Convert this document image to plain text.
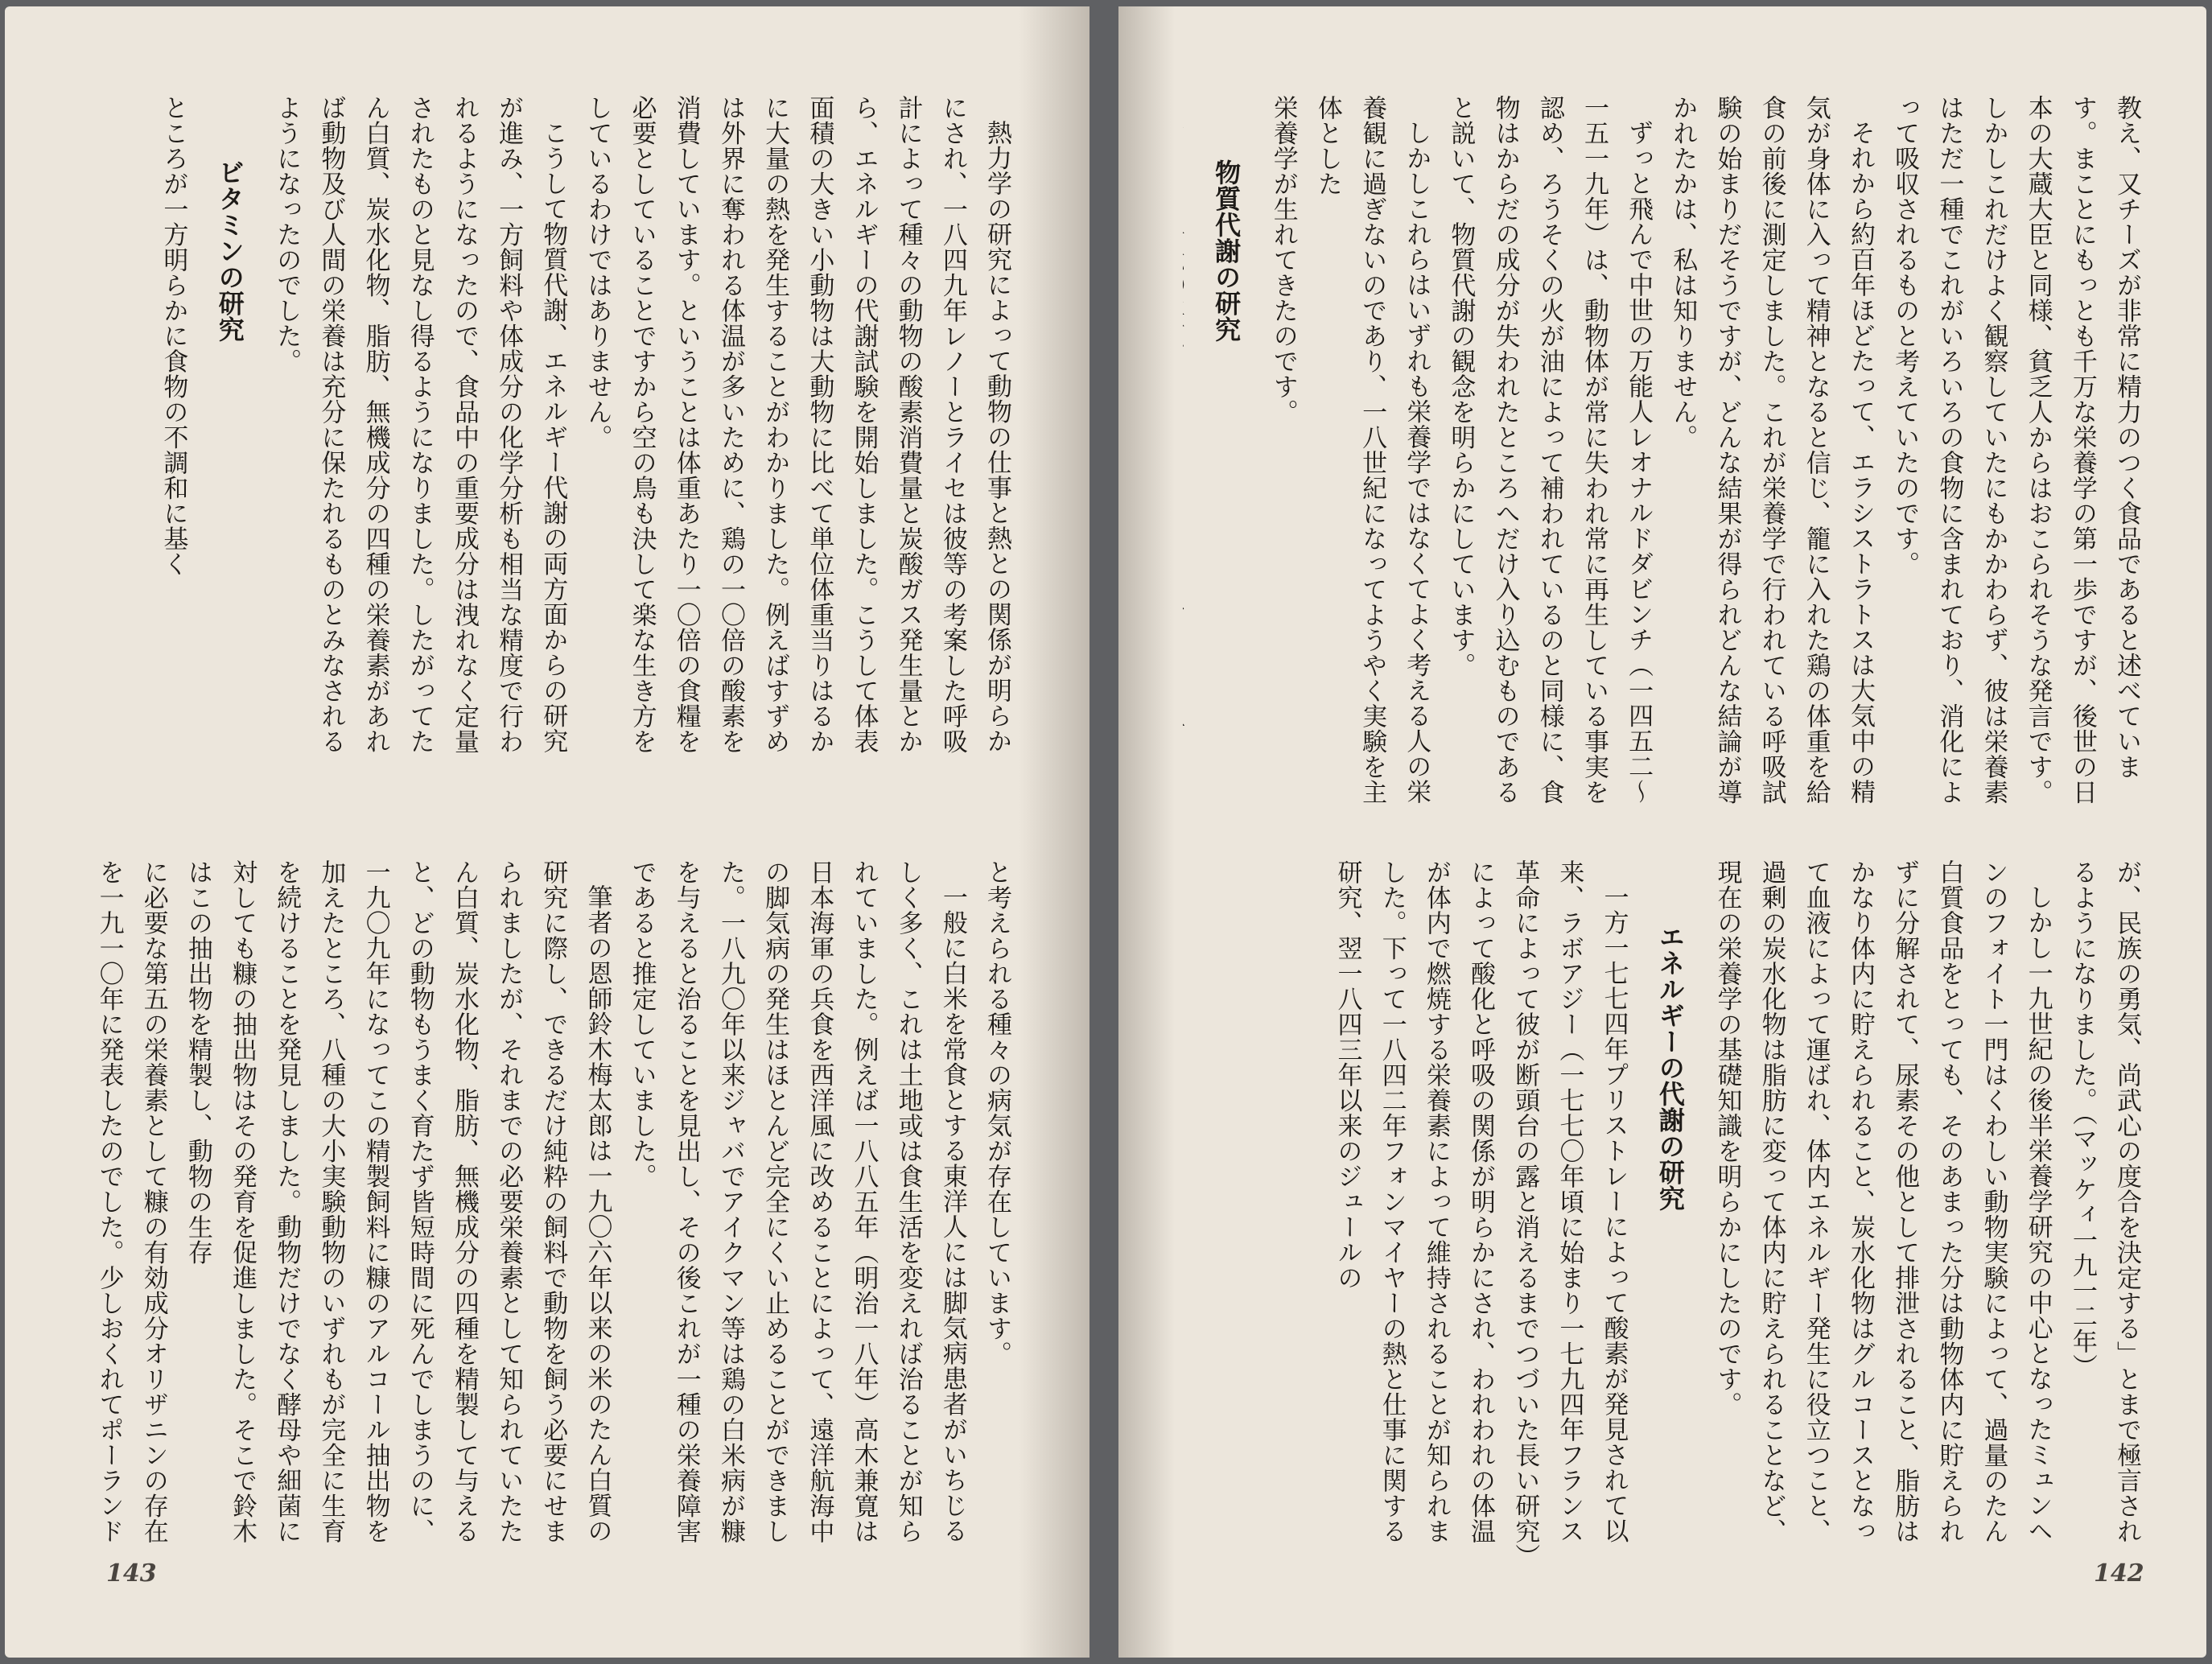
熱力学の研究によって動物の仕事と熱との関係が明らかにされ、一八四九年レノーとライセは彼等の考案した呼吸計によって種々の動物の酸素消費量と炭酸ガス発生量とから、エネルギーの代謝試験を開始しました。こうして体表面積の大きい小動物は大動物に比べて単位体重当りはるかに大量の熱を発生することがわかりました。例えばすずめは外界に奪われる体温が多いために、鶏の一〇倍の酸素を消費しています。ということは体重あたり一〇倍の食糧を必要としていることですから空の鳥も決して楽な生き方をしているわけではありません。
こうして物質代謝、エネルギー代謝の両方面からの研究が進み、一方飼料や体成分の化学分析も相当な精度で行われるようになったので、食品中の重要成分は洩れなく定量されたものと見なし得るようになりました。したがってたん白質、炭水化物、脂肪、無機成分の四種の栄養素があれば動物及び人間の栄養は充分に保たれるものとみなされるようになったのでした。
ビタミンの研究
ところが一方明らかに食物の不調和に基く
と考えられる種々の病気が存在しています。
一般に白米を常食とする東洋人には脚気病患者がいちじるしく多く、これは土地或は食生活を変えれば治ることが知られていました。例えば一八八五年（明治一八年）高木兼寛は日本海軍の兵食を西洋風に改めることによって、遠洋航海中の脚気病の発生はほとんど完全にくい止めることができました。一八九〇年以来ジャバでアイクマン等は鶏の白米病が糠を与えると治ることを見出し、その後これが一種の栄養障害であると推定していました。
筆者の恩師鈴木梅太郎は一九〇六年以来の米のたん白質の研究に際し、できるだけ純粋の飼料で動物を飼う必要にせまられましたが、それまでの必要栄養素として知られていたたん白質、炭水化物、脂肪、無機成分の四種を精製して与えると、どの動物もうまく育たず皆短時間に死んでしまうのに、一九〇九年になってこの精製飼料に糠のアルコール抽出物を加えたところ、八種の大小実験動物のいずれもが完全に生育を続けることを発見しました。動物だけでなく酵母や細菌に対しても糠の抽出物はその発育を促進しました。そこで鈴木はこの抽出物を精製し、動物の生存
に必要な第五の栄養素として糠の有効成分オリザニンの存在を一九一〇年に発表したのでした。少しおくれてポーランド
143
教え、又チーズが非常に精力のつく食品であると述べています。まことにもっとも千万な栄養学の第一歩ですが、後世の日本の大蔵大臣と同様、貧乏人からはおこられそうな発言です。しかしこれだけよく観察していたにもかかわらず、彼は栄養素はただ一種でこれがいろいろの食物に含まれており、消化によって吸収されるものと考えていたのです。
それから約百年ほどたって、エラシストラトスは大気中の精気が身体に入って精神となると信じ、籠に入れた鶏の体重を給食の前後に測定しました。これが栄養学で行われている呼吸試験の始まりだそうですが、どんな結果が得られどんな結論が導かれたかは、私は知りません。
ずっと飛んで中世の万能人レオナルドダビンチ（一四五二〜一五一九年）は、動物体が常に失われ常に再生している事実を認め、ろうそくの火が油によって補われているのと同様に、食物はからだの成分が失われたところへだけ入り込むものであると説いて、物質代謝の観念を明らかにしています。
しかしこれらはいずれも栄養学ではなくてよく考える人の栄養観に過ぎないのであり、一八世紀になってようやく実験を主体とした
栄養学が生れてきたのです。
物質代謝の研究
が、民族の勇気、尚武心の度合を決定する」とまで極言されるようになりました。（マッケィ一九一二年）
しかし一九世紀の後半栄養学研究の中心となったミュンヘンのフォイト一門はくわしい動物実験によって、過量のたん白質食品をとっても、そのあまった分は動物体内に貯えられずに分解されて、尿素その他として排泄されること、脂肪はかなり体内に貯えられること、炭水化物はグルコースとなって血液によって運ばれ、体内エネルギー発生に役立つこと、過剰の炭水化物は脂肪に変って体内に貯えられることなど、現在の栄養学の基礎知識を明らかにしたのです。
エネルギーの代謝の研究
一方一七七四年プリストレーによって酸素が発見されて以来、ラボアジー（一七七〇年頃に始まり一七九四年フランス革命によって彼が断頭台の露と消えるまでつづいた長い研究）によって酸化と呼吸の関係が明らかにされ、われわれの体温が体内で燃焼する栄養素によって維持されることが知られました。下って一八四二年フォンマイヤーの熱と仕事に関する研究、翌一八四三年以来のジュールの
142
